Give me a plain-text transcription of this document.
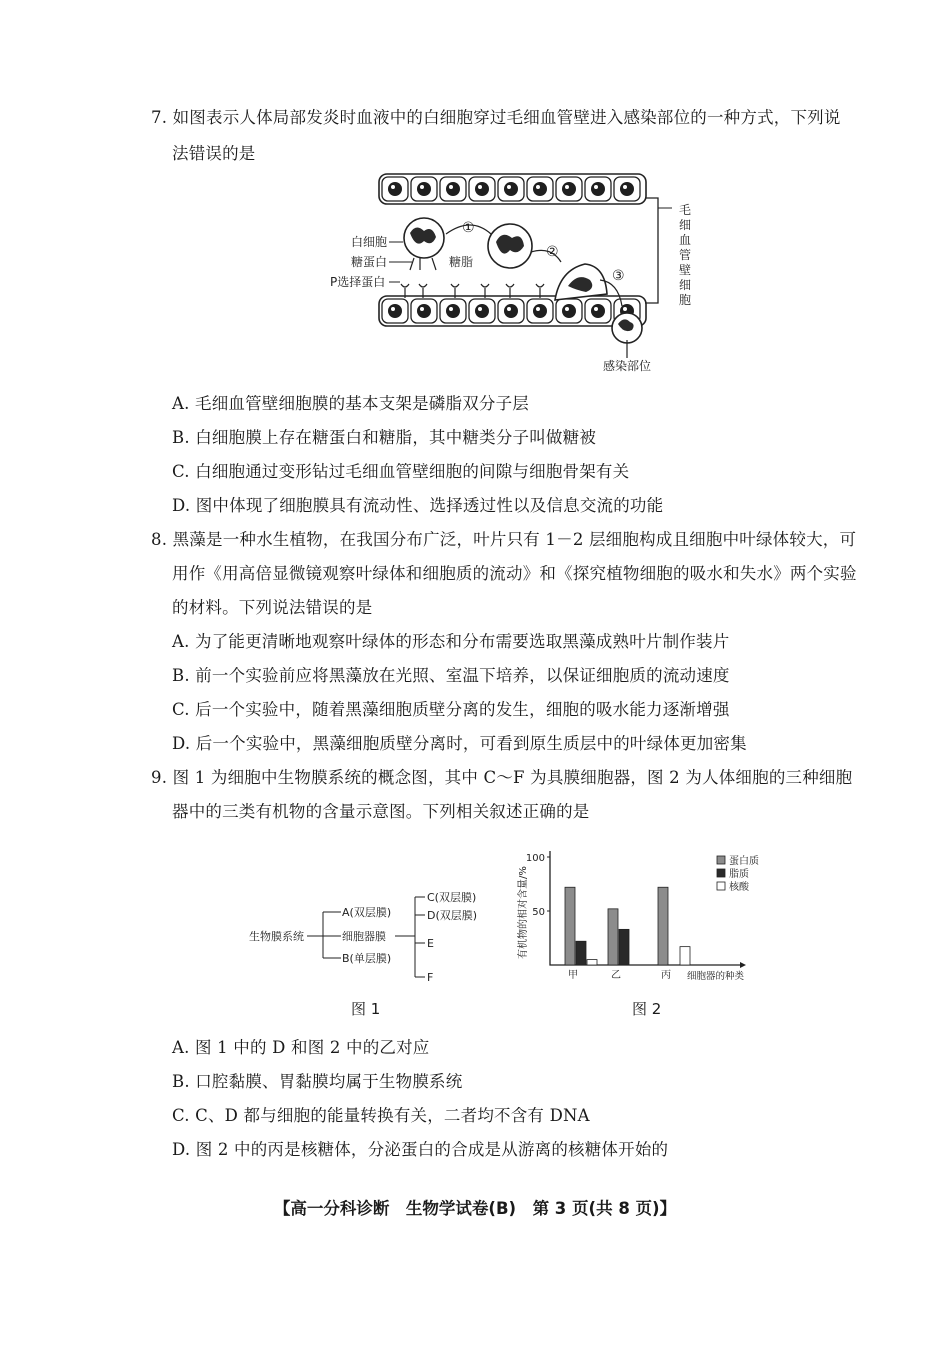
7. 如图表示人体局部发炎时血液中的白细胞穿过毛细血管壁进入感染部位的一种方式，下列说
法错误的是
毛细血管壁细胞
①
②
③
白细胞
糖蛋白	糖脂
P选择蛋白
感染部位
A. 毛细血管壁细胞膜的基本支架是磷脂双分子层
B. 白细胞膜上存在糖蛋白和糖脂，其中糖类分子叫做糖被
C. 白细胞通过变形钻过毛细血管壁细胞的间隙与细胞骨架有关
D. 图中体现了细胞膜具有流动性、选择透过性以及信息交流的功能
8. 黑藻是一种水生植物，在我国分布广泛，叶片只有 1－2 层细胞构成且细胞中叶绿体较大，可
用作《用高倍显微镜观察叶绿体和细胞质的流动》和《探究植物细胞的吸水和失水》两个实验
的材料。下列说法错误的是
A. 为了能更清晰地观察叶绿体的形态和分布需要选取黑藻成熟叶片制作装片
B. 前一个实验前应将黑藻放在光照、室温下培养，以保证细胞质的流动速度
C. 后一个实验中，随着黑藻细胞质壁分离的发生，细胞的吸水能力逐渐增强
D. 后一个实验中，黑藻细胞质壁分离时，可看到原生质层中的叶绿体更加密集
9. 图 1 为细胞中生物膜系统的概念图，其中 C～F 为具膜细胞器，图 2 为人体细胞的三种细胞
器中的三类有机物的含量示意图。下列相关叙述正确的是
生物膜系统
A(双层膜)
细胞器膜
B(单层膜)
C(双层膜)
D(双层膜)
E
F
图 1
50
100
有机物的相对含量/%
甲	乙	丙 细胞器的种类
蛋白质
脂质
核酸
图 2
A. 图 1 中的 D 和图 2 中的乙对应
B. 口腔黏膜、胃黏膜均属于生物膜系统
C. C、D 都与细胞的能量转换有关，二者均不含有 DNA
D. 图 2 中的丙是核糖体，分泌蛋白的合成是从游离的核糖体开始的
【高一分科诊断　生物学试卷(B)　第 3 页(共 8 页)】
